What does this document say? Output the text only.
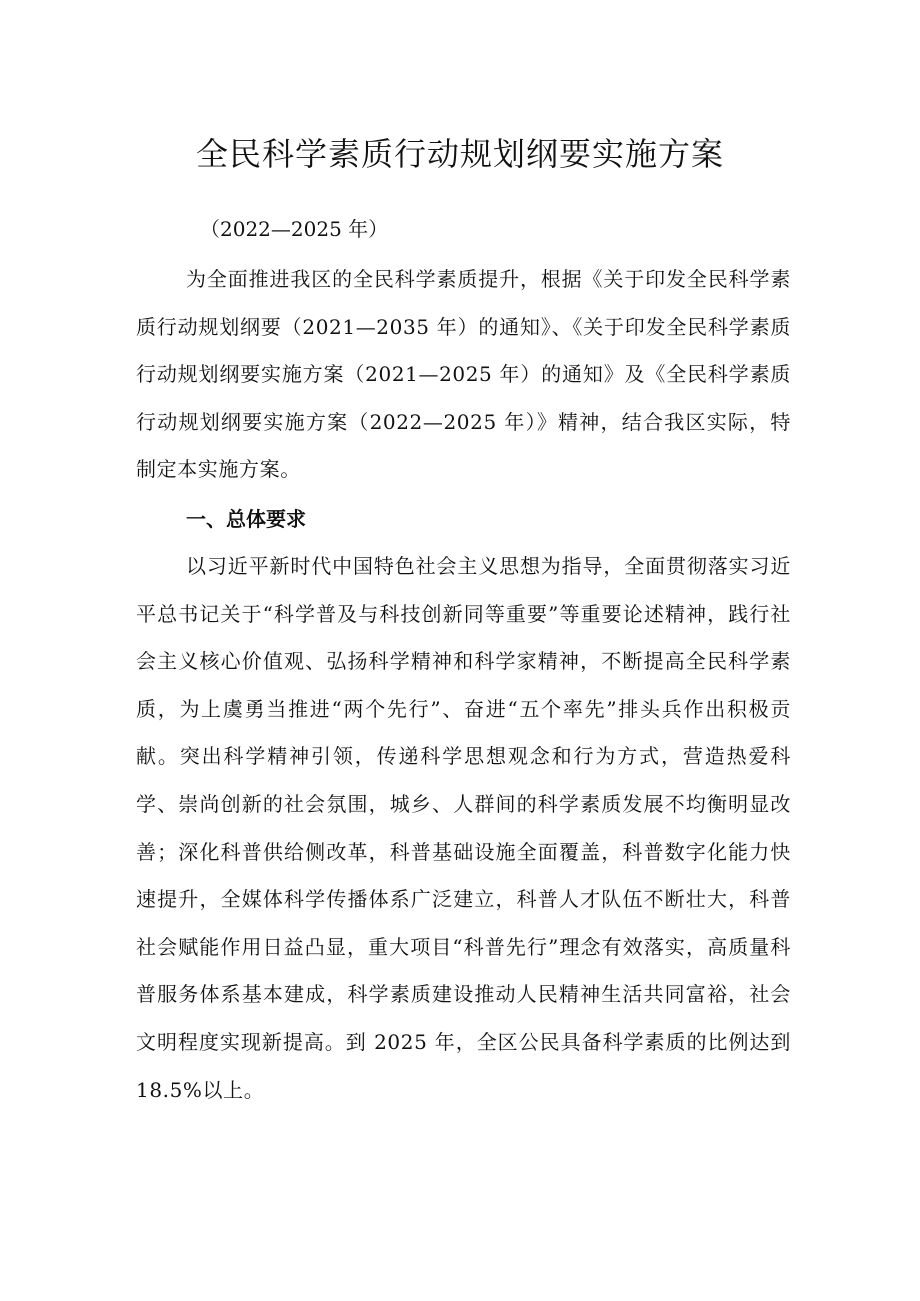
全民科学素质行动规划纲要实施方案
（2022—2025 年）

为全面推进我区的全民科学素质提升，根据《关于印发全民科学素质行动规划纲要（2021—2035 年）的通知》、《关于印发全民科学素质行动规划纲要实施方案（2021—2025 年）的通知》及《全民科学素质行动规划纲要实施方案（2022—2025 年）》精神，结合我区实际，特制定本实施方案。

一、总体要求

以习近平新时代中国特色社会主义思想为指导，全面贯彻落实习近平总书记关于“科学普及与科技创新同等重要”等重要论述精神，践行社会主义核心价值观、弘扬科学精神和科学家精神，不断提高全民科学素质，为上虞勇当推进“两个先行”、奋进“五个率先”排头兵作出积极贡献。突出科学精神引领，传递科学思想观念和行为方式，营造热爱科学、崇尚创新的社会氛围，城乡、人群间的科学素质发展不均衡明显改善；深化科普供给侧改革，科普基础设施全面覆盖，科普数字化能力快速提升，全媒体科学传播体系广泛建立，科普人才队伍不断壮大，科普社会赋能作用日益凸显，重大项目“科普先行”理念有效落实，高质量科普服务体系基本建成，科学素质建设推动人民精神生活共同富裕，社会文明程度实现新提高。到 2025 年，全区公民具备科学素质的比例达到 18.5%以上。
